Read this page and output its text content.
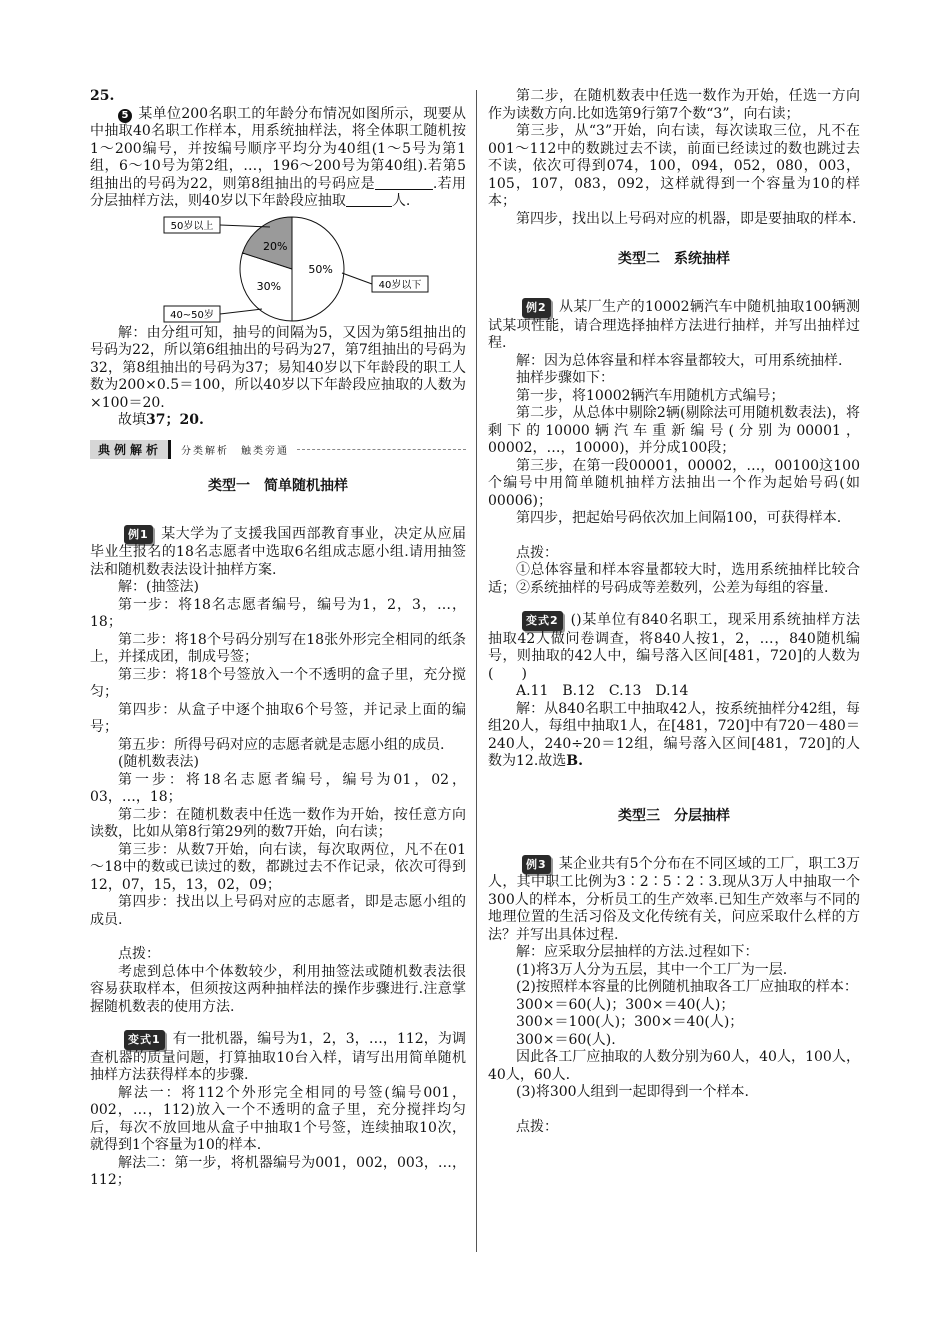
25.
5 某单位200名职工的年龄分布情况如图所示，现要从中抽取40名职工作样本，用系统抽样法，将全体职工随机按1～200编号，并按编号顺序平均分为40组(1～5号为第1组，6～10号为第2组，…，196～200号为第40组).若第5组抽出的号码为22，则第8组抽出的号码应是	.若用分层抽样方法，则40岁以下年龄段应抽取	人.

50%
30%
20%
40岁以下
40~50岁
50岁以上

解：由分组可知，抽号的间隔为5，又因为第5组抽出的号码为22，所以第6组抽出的号码为27，第7组抽出的号码为32，第8组抽出的号码为37；易知40岁以下年龄段的职工人数为200×0.5＝100，所以40岁以下年龄段应抽取的人数为×100＝20.

故填37；20.

典例解析	分类解析　触类旁通

类型一　简单随机抽样

例1 某大学为了支援我国西部教育事业，决定从应届毕业生报名的18名志愿者中选取6名组成志愿小组.请用抽签法和随机数表法设计抽样方案.

解：(抽签法)

第一步：将18名志愿者编号，编号为1，2，3，…，18；

第二步：将18个号码分别写在18张外形完全相同的纸条上，并揉成团，制成号签；

第三步：将18个号签放入一个不透明的盒子里，充分搅匀；

第四步：从盒子中逐个抽取6个号签，并记录上面的编号；

第五步：所得号码对应的志愿者就是志愿小组的成员.

(随机数表法)

第一步：将18名志愿者编号，编号为01，02，03，…，18；

第二步：在随机数表中任选一数作为开始，按任意方向读数，比如从第8行第29列的数7开始，向右读；

第三步：从数7开始，向右读，每次取两位，凡不在01～18中的数或已读过的数，都跳过去不作记录，依次可得到12，07，15，13，02，09；

第四步：找出以上号码对应的志愿者，即是志愿小组的成员.

点拨：

考虑到总体中个体数较少，利用抽签法或随机数表法很容易获取样本，但须按这两种抽样法的操作步骤进行.注意掌握随机数表的使用方法.

变式1 有一批机器，编号为1，2，3，…，112，为调查机器的质量问题，打算抽取10台入样，请写出用简单随机抽样方法获得样本的步骤.

解法一：将112个外形完全相同的号签(编号001，002，…，112)放入一个不透明的盒子里，充分搅拌均匀后，每次不放回地从盒子中抽取1个号签，连续抽取10次，就得到1个容量为10的样本.

解法二：第一步，将机器编号为001，002，003，…，112；

第二步，在随机数表中任选一数作为开始，任选一方向作为读数方向.比如选第9行第7个数“3”，向右读；

第三步，从“3”开始，向右读，每次读取三位，凡不在001～112中的数跳过去不读，前面已经读过的数也跳过去不读，依次可得到074，100，094，052，080，003，105，107，083，092，这样就得到一个容量为10的样本；

第四步，找出以上号码对应的机器，即是要抽取的样本.

类型二　系统抽样

例2 从某厂生产的10002辆汽车中随机抽取100辆测试某项性能，请合理选择抽样方法进行抽样，并写出抽样过程.

解：因为总体容量和样本容量都较大，可用系统抽样.

抽样步骤如下：

第一步，将10002辆汽车用随机方式编号；

第二步，从总体中剔除2辆(剔除法可用随机数表法)，将剩下的10000辆汽车重新编号(分别为00001，00002，…，10000)，并分成100段；

第三步，在第一段00001，00002，…，00100这100个编号中用简单随机抽样方法抽出一个作为起始号码(如00006)；

第四步，把起始号码依次加上间隔100，可获得样本.

点拨：

①总体容量和样本容量都较大时，选用系统抽样比较合适；②系统抽样的号码成等差数列，公差为每组的容量.

变式2 ()某单位有840名职工，现采用系统抽样方法抽取42人做问卷调查，将840人按1，2，…，840随机编号，则抽取的42人中，编号落入区间[481，720]的人数为(　　)

A.11　B.12　C.13　D.14

解：从840名职工中抽取42人，按系统抽样分42组，每组20人，每组中抽取1人，在[481，720]中有720－480＝240人，240÷20＝12组，编号落入区间[481，720]的人数为12.故选B.

类型三　分层抽样

例3 某企业共有5个分布在不同区域的工厂，职工3万人，其中职工比例为3∶2∶5∶2∶3.现从3万人中抽取一个300人的样本，分析员工的生产效率.已知生产效率与不同的地理位置的生活习俗及文化传统有关，问应采取什么样的方法？并写出具体过程.

解：应采取分层抽样的方法.过程如下：

(1)将3万人分为五层，其中一个工厂为一层.

(2)按照样本容量的比例随机抽取各工厂应抽取的样本：

300×＝60(人)；300×＝40(人)；

300×＝100(人)；300×＝40(人)；

300×＝60(人).

因此各工厂应抽取的人数分别为60人，40人，100人，40人，60人.

(3)将300人组到一起即得到一个样本.

点拨：
